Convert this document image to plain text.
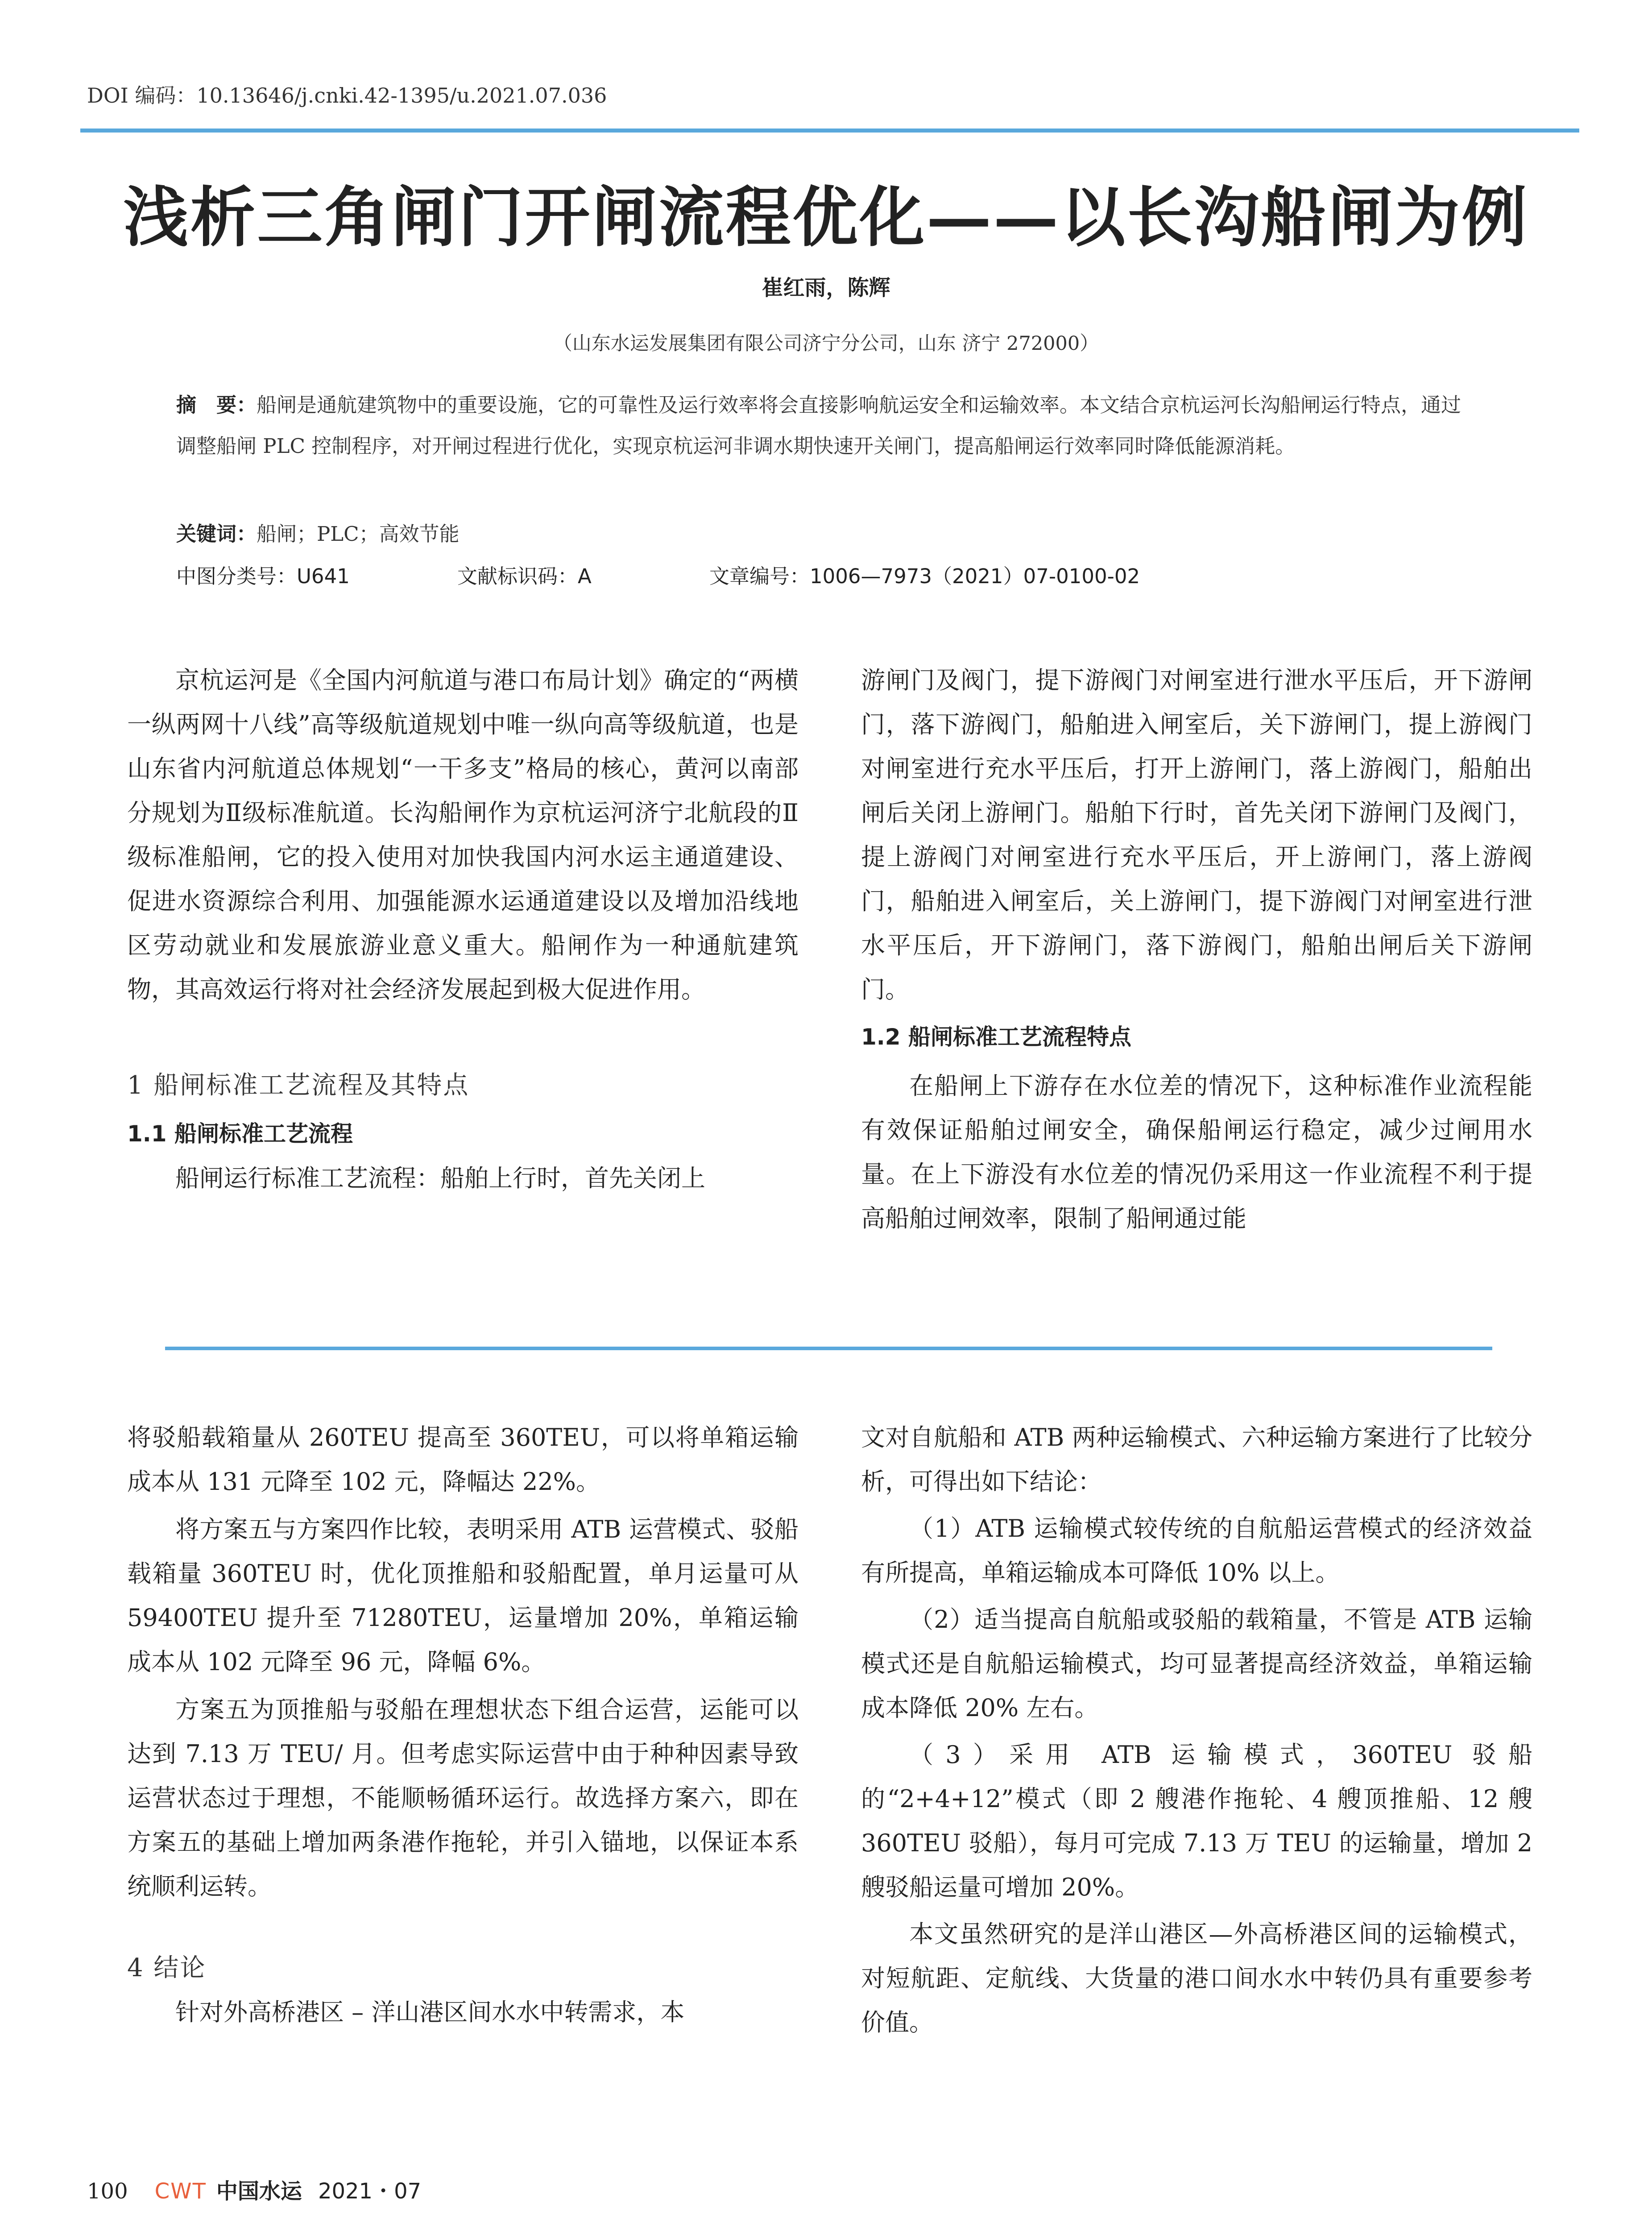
DOI 编码：10.13646/j.cnki.42-1395/u.2021.07.036
浅析三角闸门开闸流程优化——以长沟船闸为例
崔红雨，陈辉
（山东水运发展集团有限公司济宁分公司，山东 济宁 272000）
摘　要：船闸是通航建筑物中的重要设施，它的可靠性及运行效率将会直接影响航运安全和运输效率。本文结合京杭运河长沟船闸运行特点，通过调整船闸 PLC 控制程序，对开闸过程进行优化，实现京杭运河非调水期快速开关闸门，提高船闸运行效率同时降低能源消耗。
关键词：船闸；PLC；高效节能
中图分类号：U641	文献标识码：A	文章编号：1006—7973（2021）07-0100-02

京杭运河是《全国内河航道与港口布局计划》确定的“两横一纵两网十八线”高等级航道规划中唯一纵向高等级航道，也是山东省内河航道总体规划“一干多支”格局的核心，黄河以南部分规划为Ⅱ级标准航道。长沟船闸作为京杭运河济宁北航段的Ⅱ级标准船闸，它的投入使用对加快我国内河水运主通道建设、促进水资源综合利用、加强能源水运通道建设以及增加沿线地区劳动就业和发展旅游业意义重大。船闸作为一种通航建筑物，其高效运行将对社会经济发展起到极大促进作用。

1 船闸标准工艺流程及其特点
1.1 船闸标准工艺流程

船闸运行标准工艺流程：船舶上行时，首先关闭上

游闸门及阀门，提下游阀门对闸室进行泄水平压后，开下游闸门，落下游阀门，船舶进入闸室后，关下游闸门，提上游阀门对闸室进行充水平压后，打开上游闸门，落上游阀门，船舶出闸后关闭上游闸门。船舶下行时，首先关闭下游闸门及阀门，提上游阀门对闸室进行充水平压后，开上游闸门，落上游阀门，船舶进入闸室后，关上游闸门，提下游阀门对闸室进行泄水平压后，开下游闸门，落下游阀门，船舶出闸后关下游闸门。

1.2 船闸标准工艺流程特点

在船闸上下游存在水位差的情况下，这种标准作业流程能有效保证船舶过闸安全，确保船闸运行稳定，减少过闸用水量。在上下游没有水位差的情况仍采用这一作业流程不利于提高船舶过闸效率，限制了船闸通过能

将驳船载箱量从 260TEU 提高至 360TEU，可以将单箱运输成本从 131 元降至 102 元，降幅达 22%。

将方案五与方案四作比较，表明采用 ATB 运营模式、驳船载箱量 360TEU 时，优化顶推船和驳船配置，单月运量可从 59400TEU 提升至 71280TEU，运量增加 20%，单箱运输成本从 102 元降至 96 元，降幅 6%。

方案五为顶推船与驳船在理想状态下组合运营，运能可以达到 7.13 万 TEU/ 月。但考虑实际运营中由于种种因素导致运营状态过于理想，不能顺畅循环运行。故选择方案六，即在方案五的基础上增加两条港作拖轮，并引入锚地，以保证本系统顺利运转。

4 结论

针对外高桥港区 – 洋山港区间水水中转需求，本

文对自航船和 ATB 两种运输模式、六种运输方案进行了比较分析，可得出如下结论：

（1）ATB 运输模式较传统的自航船运营模式的经济效益有所提高，单箱运输成本可降低 10% 以上。

（2）适当提高自航船或驳船的载箱量，不管是 ATB 运输模式还是自航船运输模式，均可显著提高经济效益，单箱运输成本降低 20% 左右。

（3）采用 ATB 运输模式，360TEU 驳船的“2+4+12”模式（即 2 艘港作拖轮、4 艘顶推船、12 艘 360TEU 驳船），每月可完成 7.13 万 TEU 的运输量，增加 2 艘驳船运量可增加 20%。

本文虽然研究的是洋山港区—外高桥港区间的运输模式，对短航距、定航线、大货量的港口间水水中转仍具有重要参考价值。

100 CWT 中国水运 2021・07
